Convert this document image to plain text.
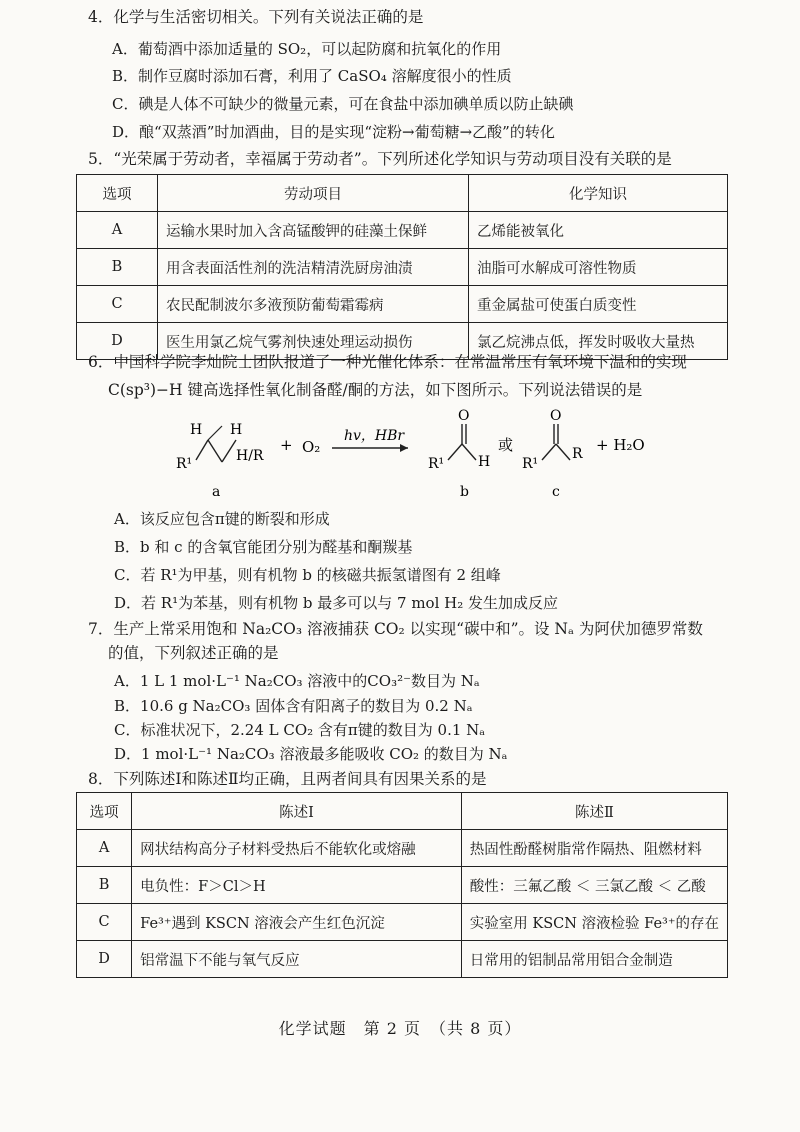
4．化学与生活密切相关。下列有关说法正确的是
A．葡萄酒中添加适量的 SO₂，可以起防腐和抗氧化的作用
B．制作豆腐时添加石膏，利用了 CaSO₄ 溶解度很小的性质
C．碘是人体不可缺少的微量元素，可在食盐中添加碘单质以防止缺碘
D．酿“双蒸酒”时加酒曲，目的是实现“淀粉→葡萄糖→乙酸”的转化
5．“光荣属于劳动者，幸福属于劳动者”。下列所述化学知识与劳动项目没有关联的是
选项	劳动项目	化学知识
A	运输水果时加入含高锰酸钾的硅藻土保鲜	乙烯能被氧化
B	用含表面活性剂的洗洁精清洗厨房油渍	油脂可水解成可溶性物质
C	农民配制波尔多液预防葡萄霜霉病	重金属盐可使蛋白质变性
D	医生用氯乙烷气雾剂快速处理运动损伤	氯乙烷沸点低，挥发时吸收大量热
6．中国科学院李灿院士团队报道了一种光催化体系：在常温常压有氧环境下温和的实现
C(sp³)−H 键高选择性氧化制备醛/酮的方法，如下图所示。下列说法错误的是
H H
R¹	H/R
+ O₂
hv，HBr
R¹
O
H
或
R¹
O
R + H₂O
a	b	c
A．该反应包含π键的断裂和形成
B．b 和 c 的含氧官能团分别为醛基和酮羰基
C．若 R¹为甲基，则有机物 b 的核磁共振氢谱图有 2 组峰
D．若 R¹为苯基，则有机物 b 最多可以与 7 mol H₂ 发生加成反应
7．生产上常采用饱和 Na₂CO₃ 溶液捕获 CO₂ 以实现“碳中和”。设 Nₐ 为阿伏加德罗常数
的值，下列叙述正确的是
A．1 L 1 mol·L⁻¹ Na₂CO₃ 溶液中的CO₃²⁻数目为 Nₐ
B．10.6 g Na₂CO₃ 固体含有阳离子的数目为 0.2 Nₐ
C．标准状况下，2.24 L CO₂ 含有π键的数目为 0.1 Nₐ
D．1 mol·L⁻¹ Na₂CO₃ 溶液最多能吸收 CO₂ 的数目为 Nₐ
8．下列陈述Ⅰ和陈述Ⅱ均正确，且两者间具有因果关系的是
选项	陈述Ⅰ	陈述Ⅱ
A	网状结构高分子材料受热后不能软化或熔融	热固性酚醛树脂常作隔热、阻燃材料
B	电负性：F＞Cl＞H	酸性：三氟乙酸 ＜ 三氯乙酸 ＜ 乙酸
C	Fe³⁺遇到 KSCN 溶液会产生红色沉淀	实验室用 KSCN 溶液检验 Fe³⁺的存在
D	铝常温下不能与氧气反应	日常用的铝制品常用铝合金制造
化学试题　第 2 页　（共 8 页）
